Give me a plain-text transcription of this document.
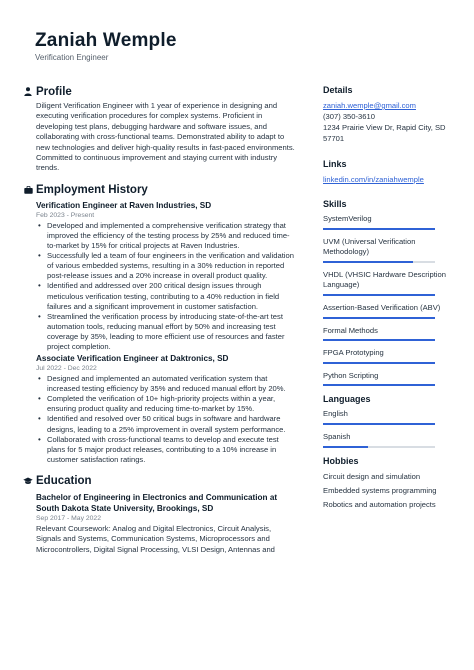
Zaniah Wemple
Verification Engineer
Profile
Diligent Verification Engineer with 1 year of experience in designing and executing verification procedures for complex systems. Proficient in developing test plans, debugging hardware and software issues, and collaborating with cross-functional teams. Demonstrated ability to adapt to new technologies and deliver high-quality results in fast-paced environments. Committed to continuous improvement and staying current with industry trends.
Employment History
Verification Engineer at Raven Industries, SD
Feb 2023 - Present
• Developed and implemented a comprehensive verification strategy that improved the efficiency of the testing process by 25% and reduced time-to-market by 15% for critical projects at Raven Industries.
• Successfully led a team of four engineers in the verification and validation of various embedded systems, resulting in a 30% reduction in reported post-release issues and a 20% increase in overall product quality.
• Identified and addressed over 200 critical design issues through meticulous verification testing, contributing to a 40% reduction in field failures and a significant improvement in customer satisfaction.
• Streamlined the verification process by introducing state-of-the-art test automation tools, reducing manual effort by 50% and increasing test coverage by 35%, leading to more efficient use of resources and faster project completion.
Associate Verification Engineer at Daktronics, SD
Jul 2022 - Dec 2022
• Designed and implemented an automated verification system that increased testing efficiency by 35% and reduced manual effort by 20%.
• Completed the verification of 10+ high-priority projects within a year, ensuring product quality and reducing time-to-market by 15%.
• Identified and resolved over 50 critical bugs in software and hardware designs, leading to a 25% improvement in overall system performance.
• Collaborated with cross-functional teams to develop and execute test plans for 5 major product releases, contributing to a 10% increase in customer satisfaction ratings.
Education
Bachelor of Engineering in Electronics and Communication at South Dakota State University, Brookings, SD
Sep 2017 - May 2022
Relevant Coursework: Analog and Digital Electronics, Circuit Analysis, Signals and Systems, Communication Systems, Microprocessors and Microcontrollers, Digital Signal Processing, VLSI Design, Antennas and
Details
zaniah.wemple@gmail.com
(307) 350-3610
1234 Prairie View Dr, Rapid City, SD 57701
Links
linkedin.com/in/zaniahwemple
Skills
SystemVerilog
UVM (Universal Verification Methodology)
VHDL (VHSIC Hardware Description Language)
Assertion-Based Verification (ABV)
Formal Methods
FPGA Prototyping
Python Scripting
Languages
English
Spanish
Hobbies
Circuit design and simulation
Embedded systems programming
Robotics and automation projects
